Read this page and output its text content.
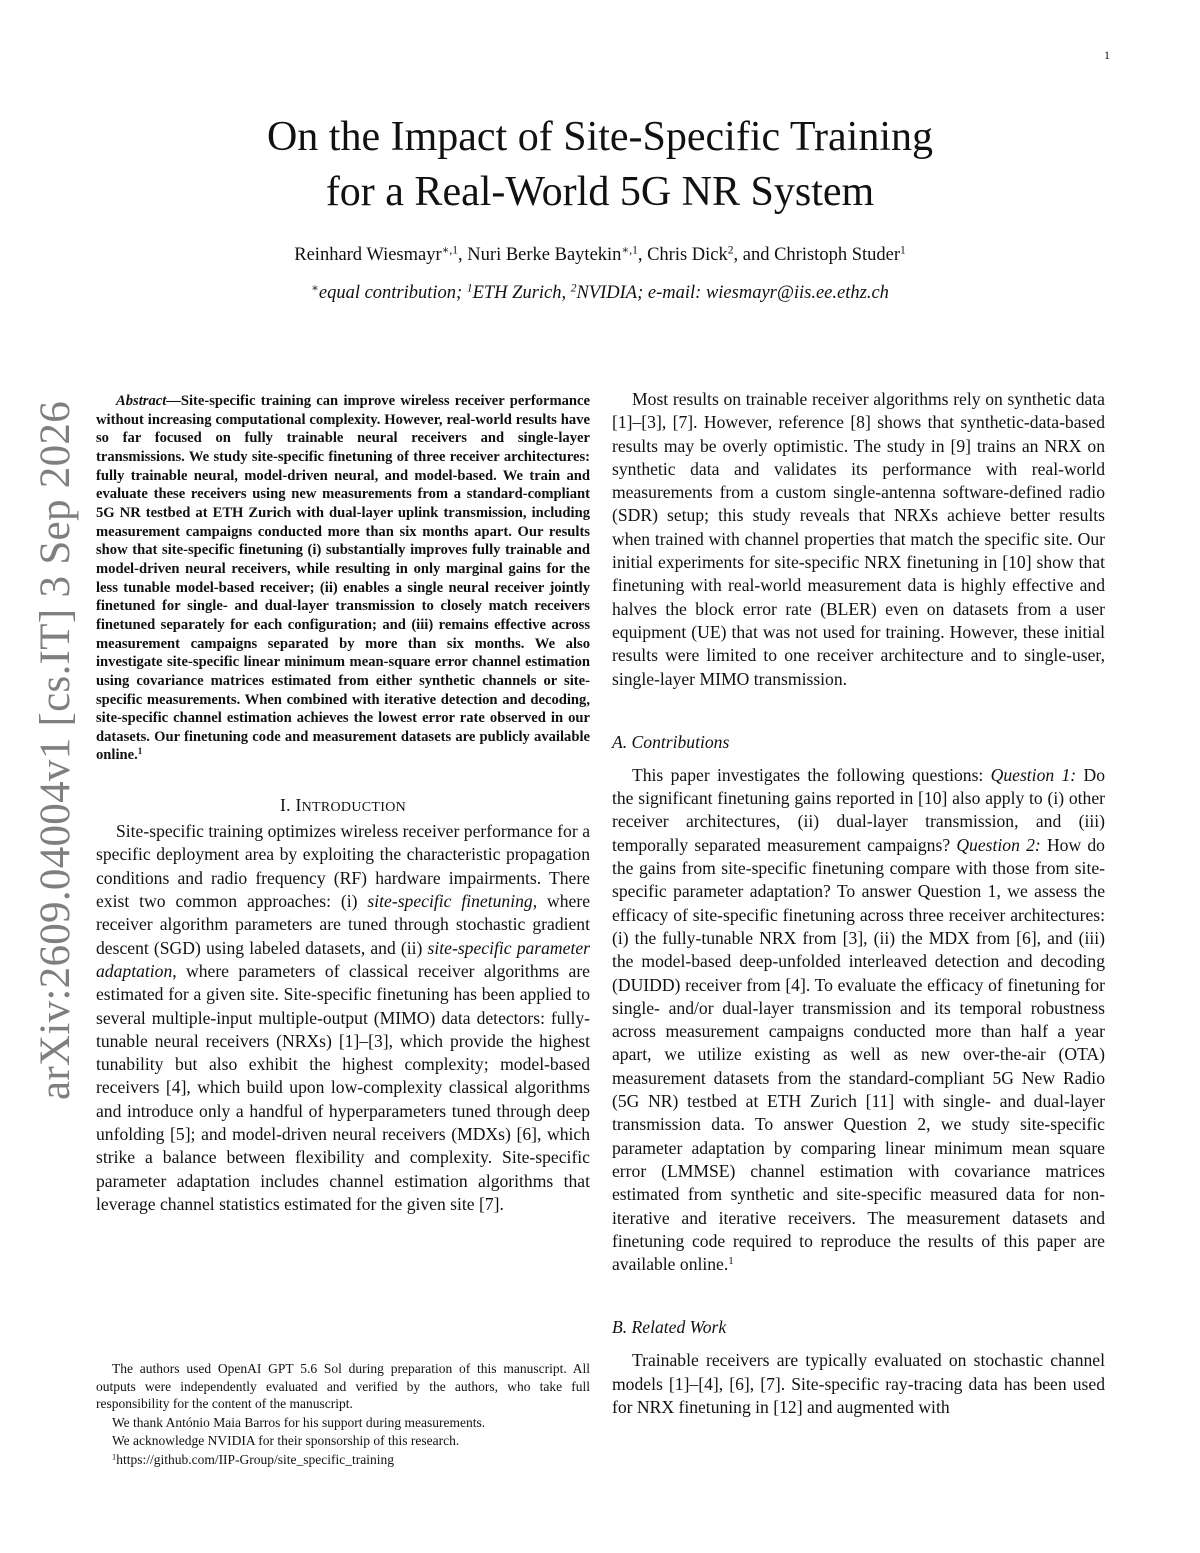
1
arXiv:2609.04004v1 [cs.IT] 3 Sep 2026
On the Impact of Site-Specific Training
for a Real-World 5G NR System
Reinhard Wiesmayr$^{∗,1}$, Nuri Berke Baytekin$^{∗,1}$, Chris Dick$^2$, and Christoph Studer$^1$
∗equal contribution; $^1$ETH Zurich, $^2$NVIDIA; e-mail: wiesmayr@iis.ee.ethz.ch

Abstract—Site-specific training can improve wireless receiver performance without increasing computational complexity. However, real-world results have so far focused on fully trainable neural receivers and single-layer transmissions. We study site-specific finetuning of three receiver architectures: fully trainable neural, model-driven neural, and model-based. We train and evaluate these receivers using new measurements from a standard-compliant 5G NR testbed at ETH Zurich with dual-layer uplink transmission, including measurement campaigns conducted more than six months apart. Our results show that site-specific finetuning (i) substantially improves fully trainable and model-driven neural receivers, while resulting in only marginal gains for the less tunable model-based receiver; (ii) enables a single neural receiver jointly finetuned for single- and dual-layer transmission to closely match receivers finetuned separately for each configuration; and (iii) remains effective across measurement campaigns separated by more than six months. We also investigate site-specific linear minimum mean-square error channel estimation using covariance matrices estimated from either synthetic channels or site-specific measurements. When combined with iterative detection and decoding, site-specific channel estimation achieves the lowest error rate observed in our datasets. Our finetuning code and measurement datasets are publicly available online.$^1$

I. INTRODUCTION

Site-specific training optimizes wireless receiver performance for a specific deployment area by exploiting the characteristic propagation conditions and radio frequency (RF) hardware impairments. There exist two common approaches: (i) site-specific finetuning, where receiver algorithm parameters are tuned through stochastic gradient descent (SGD) using labeled datasets, and (ii) site-specific parameter adaptation, where parameters of classical receiver algorithms are estimated for a given site. Site-specific finetuning has been applied to several multiple-input multiple-output (MIMO) data detectors: fully-tunable neural receivers (NRXs) [1]–[3], which provide the highest tunability but also exhibit the highest complexity; model-based receivers [4], which build upon low-complexity classical algorithms and introduce only a handful of hyperparameters tuned through deep unfolding [5]; and model-driven neural receivers (MDXs) [6], which strike a balance between flexibility and complexity. Site-specific parameter adaptation includes channel estimation algorithms that leverage channel statistics estimated for the given site [7].

The authors used OpenAI GPT 5.6 Sol during preparation of this manuscript. All outputs were independently evaluated and verified by the authors, who take full responsibility for the content of the manuscript.

We thank António Maia Barros for his support during measurements.

We acknowledge NVIDIA for their sponsorship of this research.

$^1$https://github.com/IIP-Group/site_specific_training

Most results on trainable receiver algorithms rely on synthetic data [1]–[3], [7]. However, reference [8] shows that synthetic-data-based results may be overly optimistic. The study in [9] trains an NRX on synthetic data and validates its performance with real-world measurements from a custom single-antenna software-defined radio (SDR) setup; this study reveals that NRXs achieve better results when trained with channel properties that match the specific site. Our initial experiments for site-specific NRX finetuning in [10] show that finetuning with real-world measurement data is highly effective and halves the block error rate (BLER) even on datasets from a user equipment (UE) that was not used for training. However, these initial results were limited to one receiver architecture and to single-user, single-layer MIMO transmission.

A. Contributions

This paper investigates the following questions: Question 1: Do the significant finetuning gains reported in [10] also apply to (i) other receiver architectures, (ii) dual-layer transmission, and (iii) temporally separated measurement campaigns? Question 2: How do the gains from site-specific finetuning compare with those from site-specific parameter adaptation? To answer Question 1, we assess the efficacy of site-specific finetuning across three receiver architectures: (i) the fully-tunable NRX from [3], (ii) the MDX from [6], and (iii) the model-based deep-unfolded interleaved detection and decoding (DUIDD) receiver from [4]. To evaluate the efficacy of finetuning for single- and/or dual-layer transmission and its temporal robustness across measurement campaigns conducted more than half a year apart, we utilize existing as well as new over-the-air (OTA) measurement datasets from the standard-compliant 5G New Radio (5G NR) testbed at ETH Zurich [11] with single- and dual-layer transmission data. To answer Question 2, we study site-specific parameter adaptation by comparing linear minimum mean square error (LMMSE) channel estimation with covariance matrices estimated from synthetic and site-specific measured data for non-iterative and iterative receivers. The measurement datasets and finetuning code required to reproduce the results of this paper are available online.$^1$

B. Related Work

Trainable receivers are typically evaluated on stochastic channel models [1]–[4], [6], [7]. Site-specific ray-tracing data has been used for NRX finetuning in [12] and augmented with
